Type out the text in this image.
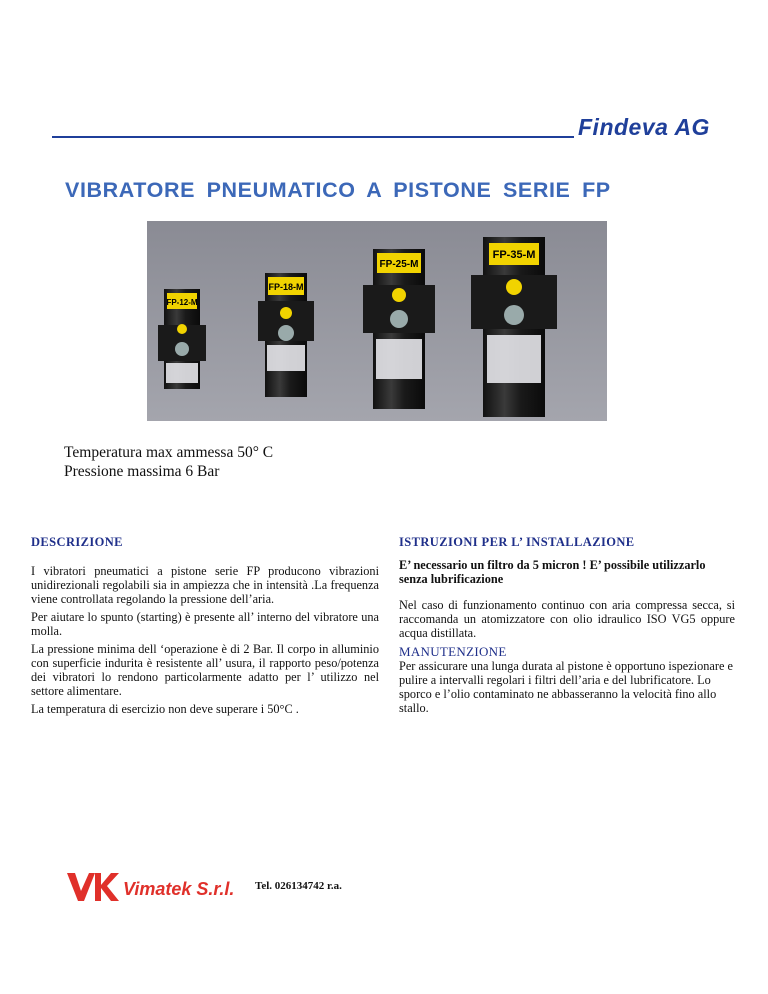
Findeva AG
VIBRATORE PNEUMATICO A PISTONE SERIE FP
FP-12-M
FP-18-M
FP-25-M
FP-35-M
Temperatura max ammessa 50° C
Pressione massima 6 Bar
DESCRIZIONE

I vibratori pneumatici a pistone serie FP producono vibrazioni unidirezionali regolabili sia in ampiezza che in intensità .La frequenza viene controllata regolando la pressione dell’aria.

Per aiutare lo spunto (starting) è presente all’ interno del vibratore una molla.

La pressione minima dell ‘operazione è di 2 Bar. Il corpo in alluminio con superficie indurita è resistente all’ usura, il rapporto peso/potenza dei vibratori lo rendono particolarmente adatto per l’ utilizzo nel settore alimentare.

La temperatura di esercizio non deve superare i 50°C .

ISTRUZIONI PER L’ INSTALLAZIONE
E’ necessario un filtro da 5 micron ! E’ possibile utilizzarlo senza lubrificazione
Nel caso di funzionamento continuo con aria compressa secca, si raccomanda un atomizzatore con olio idraulico ISO VG5 oppure acqua distillata.
MANUTENZIONE
Per assicurare una lunga durata al pistone è opportuno ispezionare e pulire a intervalli regolari i filtri dell’aria e del lubrificatore. Lo sporco e l’olio contaminato ne abbasseranno la velocità fino allo stallo.
Vimatek S.r.l. Tel. 026134742 r.a.
